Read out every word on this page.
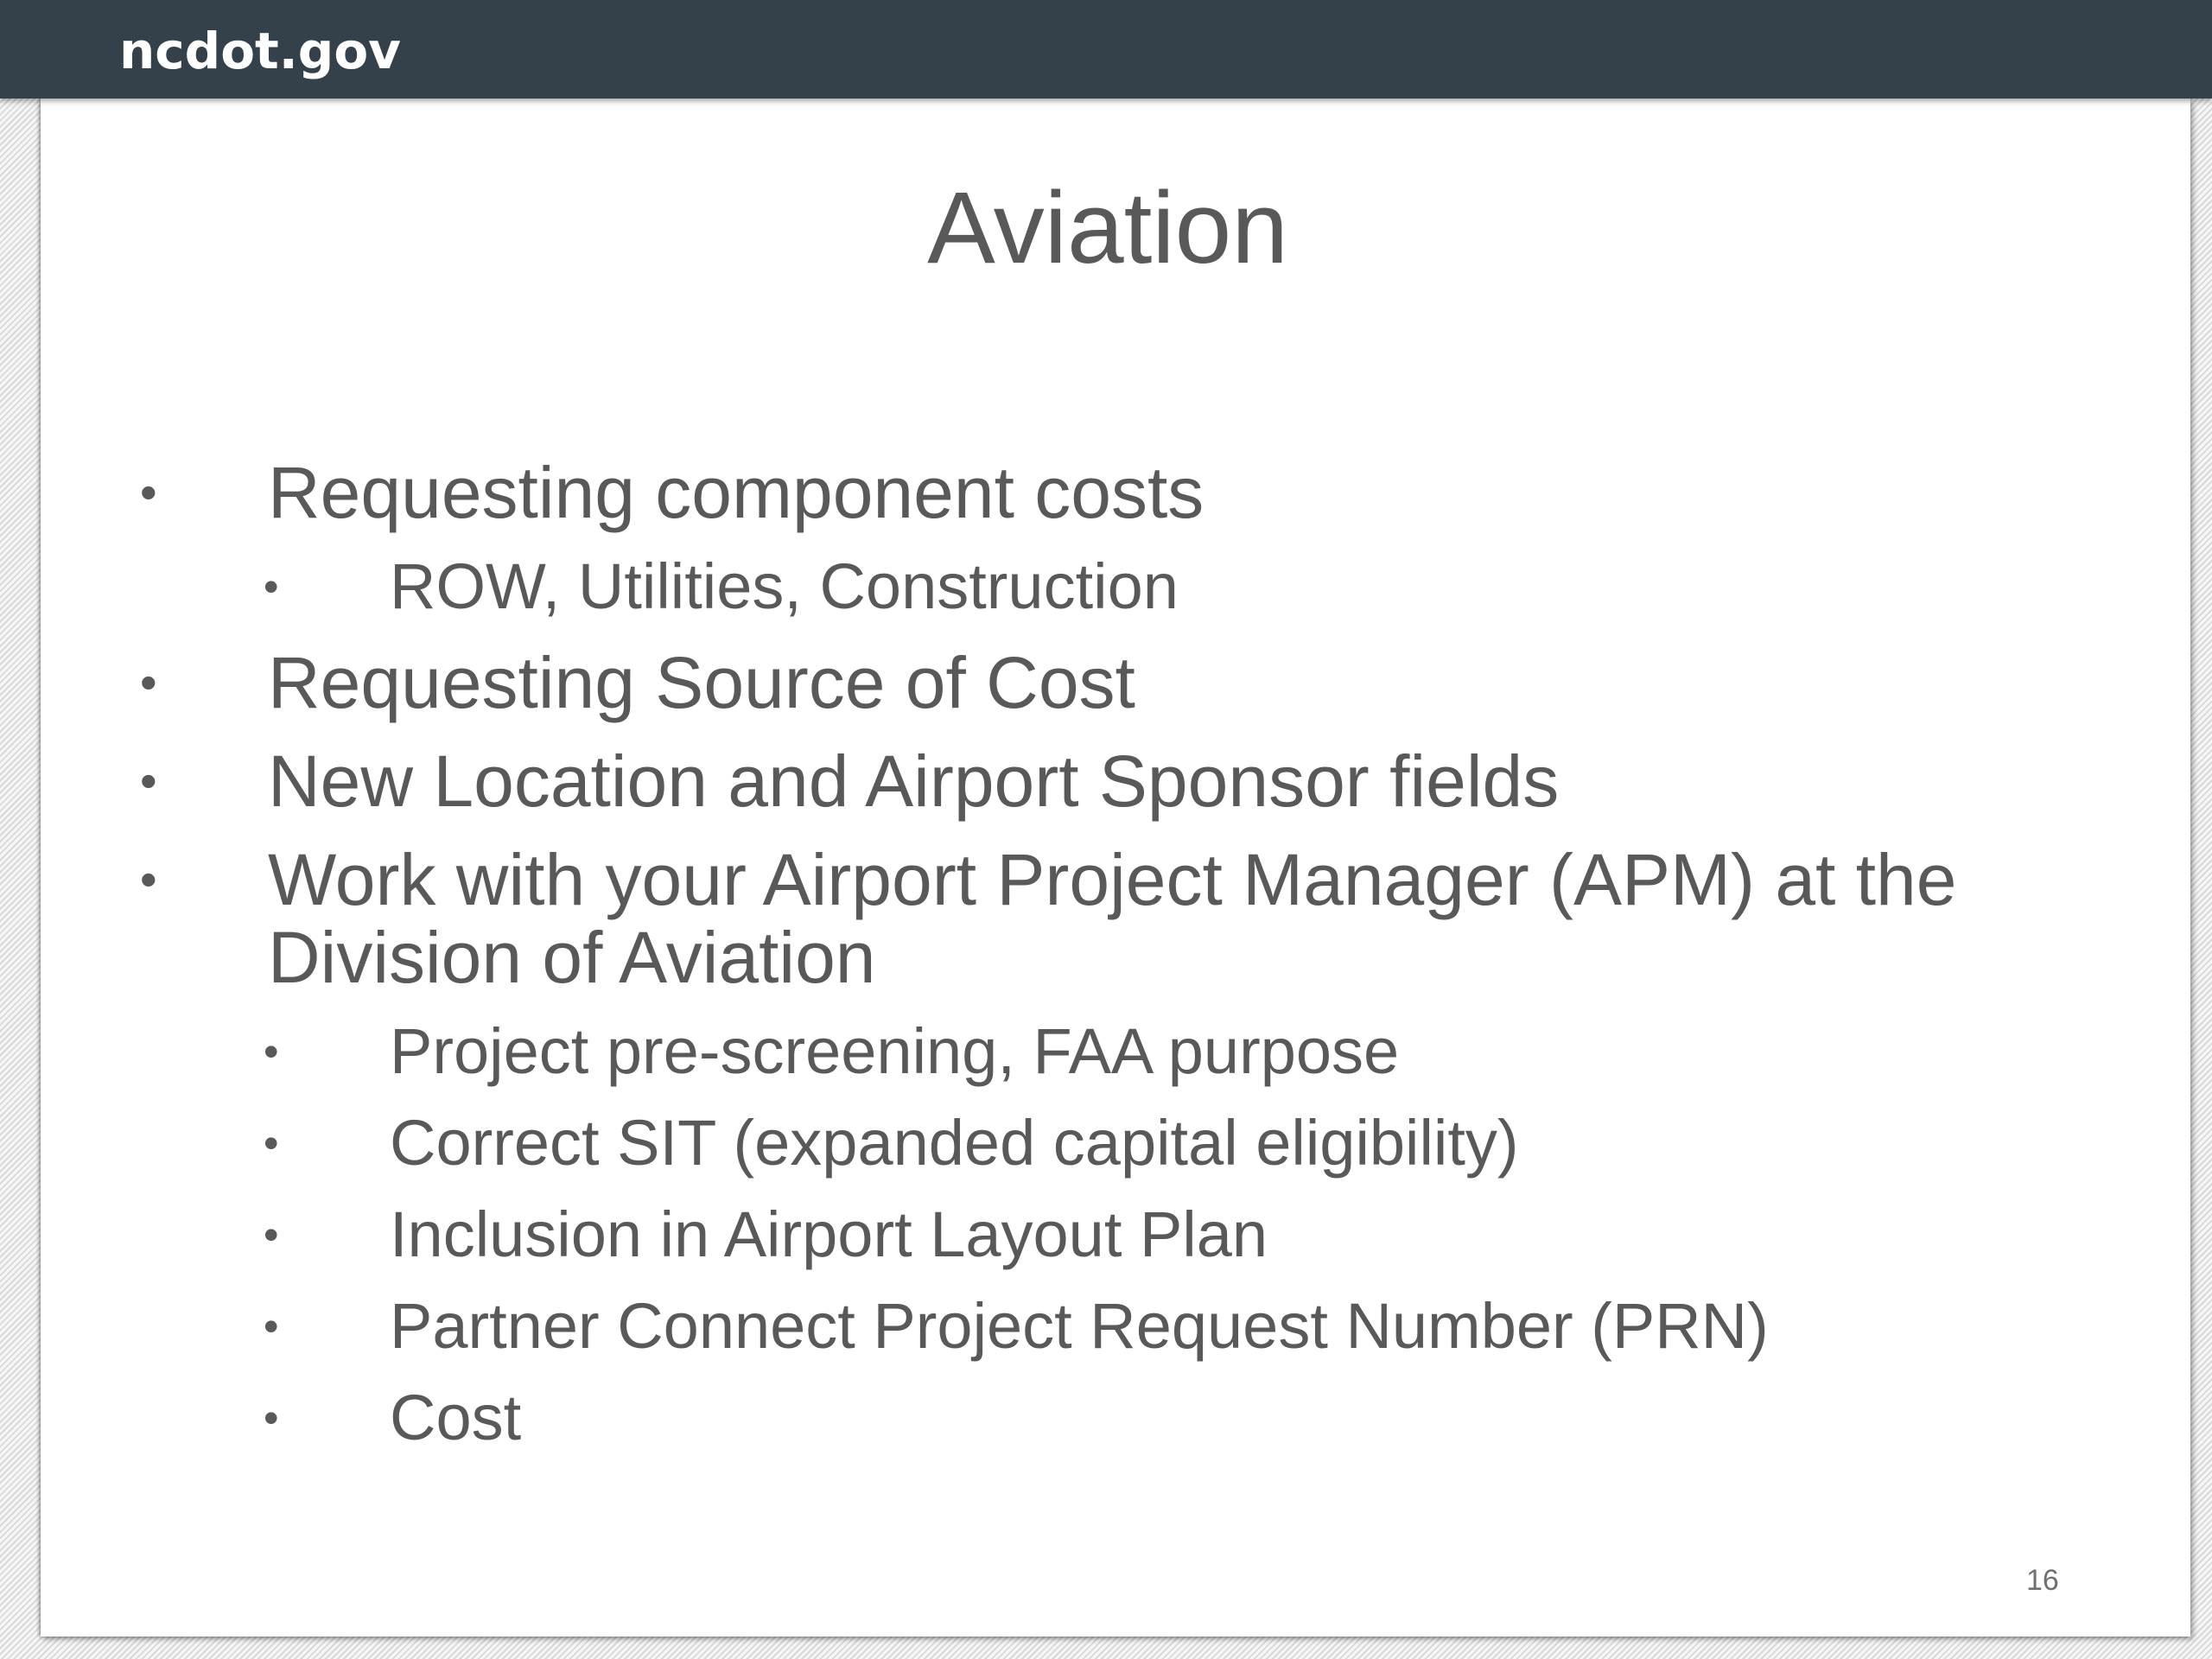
ncdot.gov
Aviation
• Requesting component costs
• ROW, Utilities, Construction
• Requesting Source of Cost
• New Location and Airport Sponsor fields
• Work with your Airport Project Manager (APM) at the
Division of Aviation
• Project pre-screening, FAA purpose
• Correct SIT (expanded capital eligibility)
• Inclusion in Airport Layout Plan
• Partner Connect Project Request Number (PRN)
• Cost
16
